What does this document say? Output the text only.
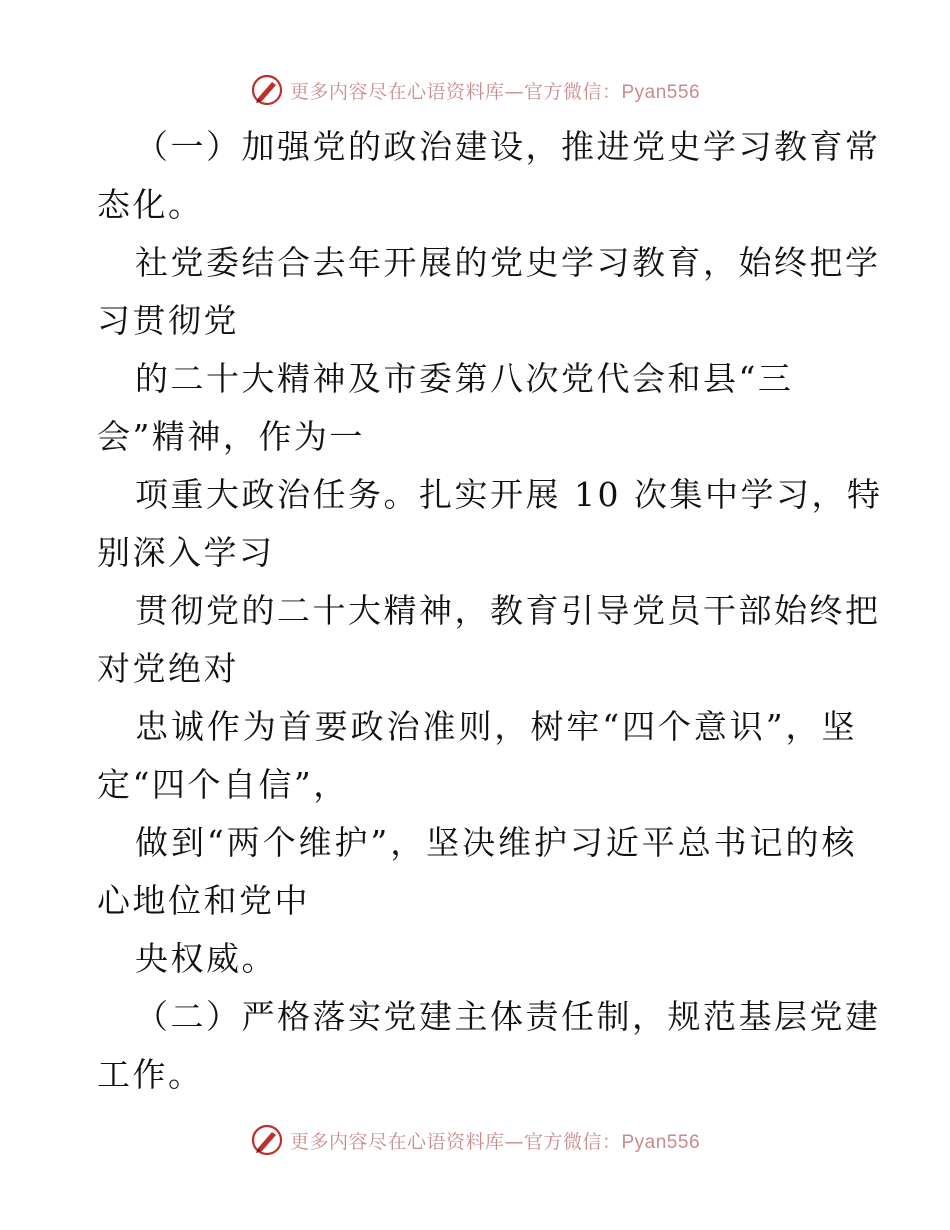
更多内容尽在心语资料库—官方微信：Pyan556
（一）加强党的政治建设，推进党史学习教育常
态化。
社党委结合去年开展的党史学习教育，始终把学
习贯彻党
的二十大精神及市委第八次党代会和县“三
会”精神，作为一
项重大政治任务。扎实开展 10 次集中学习，特
别深入学习
贯彻党的二十大精神，教育引导党员干部始终把
对党绝对
忠诚作为首要政治准则，树牢“四个意识”，坚
定“四个自信”，
做到“两个维护”，坚决维护习近平总书记的核
心地位和党中
央权威。
（二）严格落实党建主体责任制，规范基层党建
工作。
更多内容尽在心语资料库—官方微信：Pyan556
